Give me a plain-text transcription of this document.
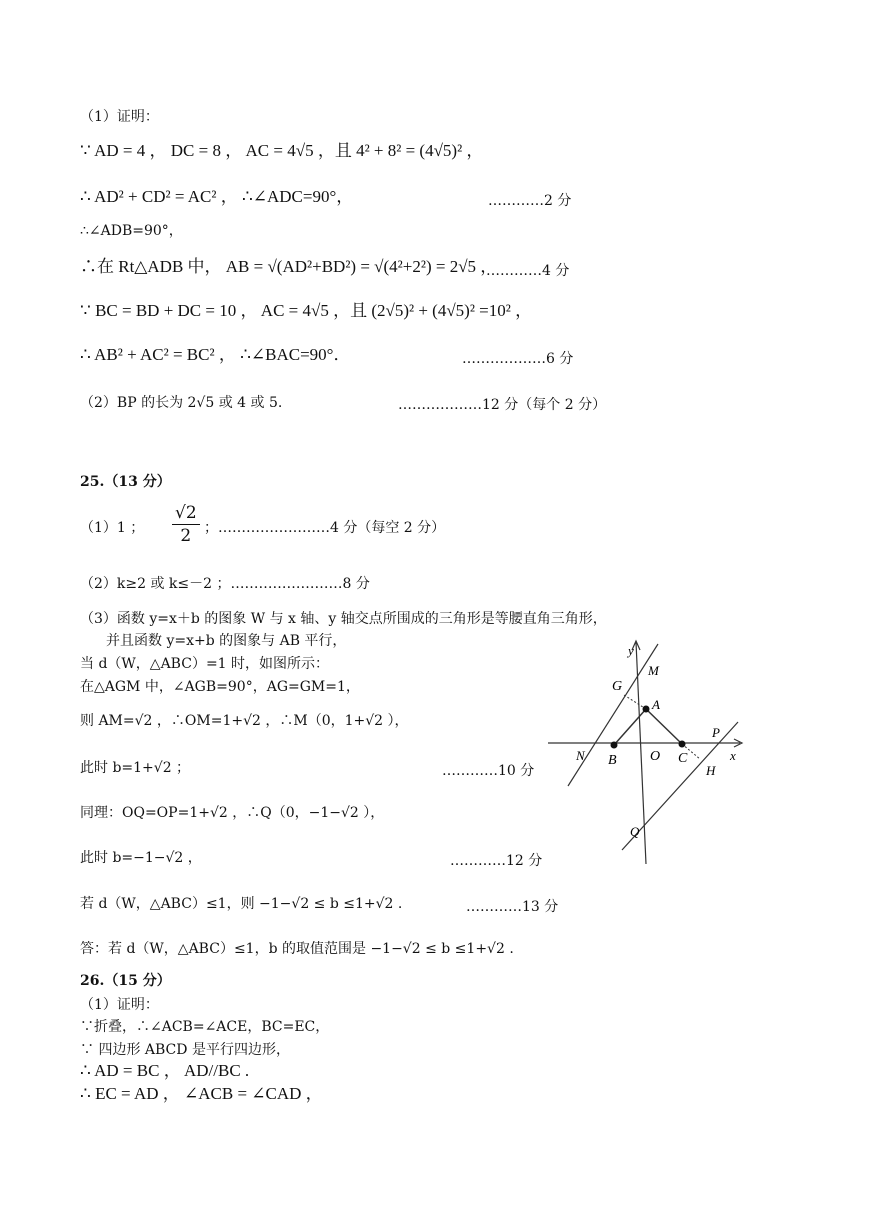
（1）证明：
∵ AD = 4 ， DC = 8 ， AC = 4√5 ，且 4² + 8² = (4√5)² ，
∴ AD² + CD² = AC² ， ∴∠ADC=90°，	…………2 分
∴∠ADB=90°，
∴在 Rt△ADB 中， AB = √(AD²+BD²) = √(4²+2²) = 2√5 ，
…………4 分
∵ BC = BD + DC = 10 ， AC = 4√5 ，且 (2√5)² + (4√5)² =10² ，
∴ AB² + AC² = BC² ， ∴∠BAC=90°．	………………6 分
（2）BP 的长为 2√5 或 4 或 5.	………………12 分（每个 2 分）
25.（13 分）
（1）1 ； $\frac{√2}{2}$ ；……………………4 分（每空 2 分）
（2）k≥2 或 k≤－2 ；……………………8 分
（3）函数 y=x＋b 的图象 W 与 x 轴、y 轴交点所围成的三角形是等腰直角三角形，
并且函数 y=x+b 的图象与 AB 平行，
当 d（W，△ABC）=1 时，如图所示：
在△AGM 中，∠AGB=90°，AG=GM=1，
则 AM=√2 ，∴OM=1+√2 ，∴M（0，1+√2 ），
此时 b=1+√2 ；	…………10 分
同理：OQ=OP=1+√2 ，∴Q（0，−1−√2 ），
此时 b=−1−√2 ，	…………12 分
若 d（W，△ABC）≤1，则 −1−√2 ≤ b ≤1+√2 .	…………13 分
答：若 d（W，△ABC）≤1，b 的取值范围是 −1−√2 ≤ b ≤1+√2 .
y
x
M
G
A
P
N B O C
H
Q
26.（15 分）
（1）证明：
∵折叠，∴∠ACB=∠ACE，BC=EC，
∵ 四边形 ABCD 是平行四边形，
∴ AD = BC ， AD//BC .
∴ EC = AD ， ∠ACB = ∠CAD ，
